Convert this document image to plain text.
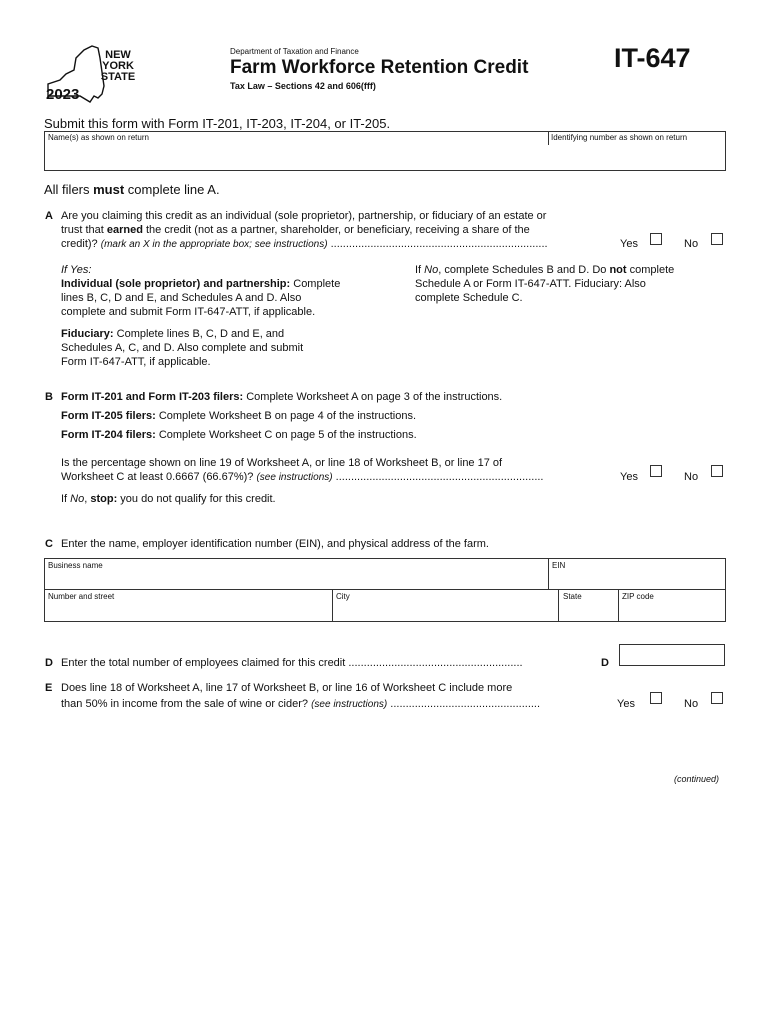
NEW
YORK
STATE
2023
Department of Taxation and Finance
Farm Workforce Retention Credit
Tax Law – Sections 42 and 606(fff)
IT-647
Submit this form with Form IT-201, IT-203, IT-204, or IT-205.
Name(s) as shown on return	Identifying number as shown on return
All filers must complete line A.
A Are you claiming this credit as an individual (sole proprietor), partnership, or fiduciary of an estate or
trust that earned the credit (not as a partner, shareholder, or beneficiary, receiving a share of the
credit)? (mark an X in the appropriate box; see instructions) .......................................................................	Yes	No
If Yes:
Individual (sole proprietor) and partnership: Complete
lines B, C, D and E, and Schedules A and D. Also
complete and submit Form IT-647-ATT, if applicable.
Fiduciary: Complete lines B, C, D and E, and
Schedules A, C, and D. Also complete and submit
Form IT-647-ATT, if applicable.
If No, complete Schedules B and D. Do not complete
Schedule A or Form IT-647-ATT. Fiduciary: Also
complete Schedule C.
B Form IT-201 and Form IT-203 filers: Complete Worksheet A on page 3 of the instructions.
Form IT-205 filers: Complete Worksheet B on page 4 of the instructions.
Form IT-204 filers: Complete Worksheet C on page 5 of the instructions.
Is the percentage shown on line 19 of Worksheet A, or line 18 of Worksheet B, or line 17 of
Worksheet C at least 0.6667 (66.67%)? (see instructions) ....................................................................	Yes	No
If No, stop: you do not qualify for this credit.
C Enter the name, employer identification number (EIN), and physical address of the farm.
Business name	EIN
Number and street	City	State	ZIP code
D Enter the total number of employees claimed for this credit .........................................................	D
E Does line 18 of Worksheet A, line 17 of Worksheet B, or line 16 of Worksheet C include more
than 50% in income from the sale of wine or cider? (see instructions) .................................................	Yes	No
(continued)
